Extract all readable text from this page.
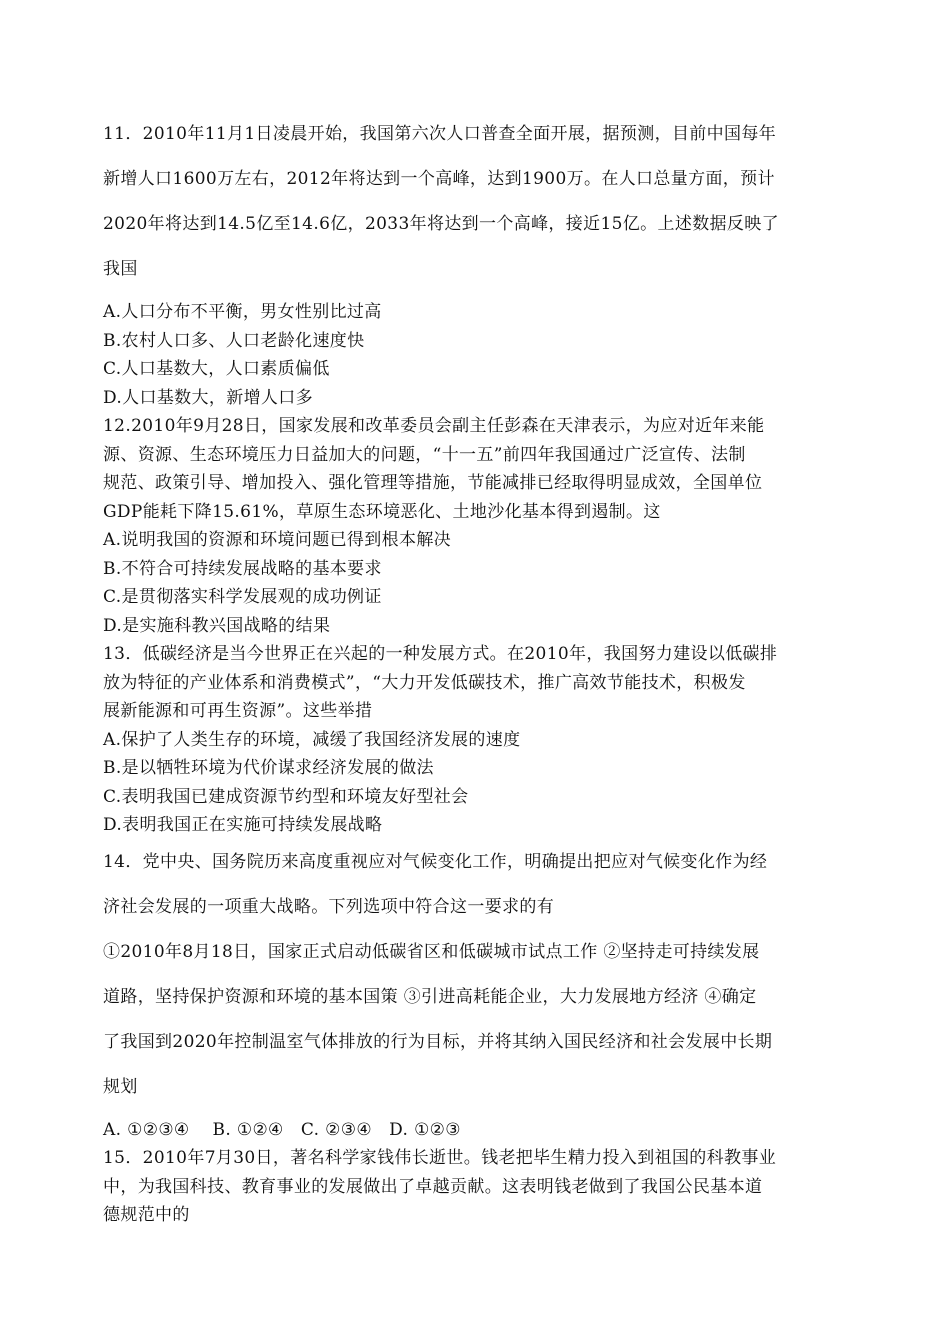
11．2010年11月1日凌晨开始，我国第六次人口普查全面开展，据预测，目前中国每年
新增人口1600万左右，2012年将达到一个高峰，达到1900万。在人口总量方面，预计
2020年将达到14.5亿至14.6亿，2033年将达到一个高峰，接近15亿。上述数据反映了
我国
A.人口分布不平衡，男女性别比过高
B.农村人口多、人口老龄化速度快
C.人口基数大，人口素质偏低
D.人口基数大，新增人口多
12.2010年9月28日，国家发展和改革委员会副主任彭森在天津表示，为应对近年来能
源、资源、生态环境压力日益加大的问题，“十一五”前四年我国通过广泛宣传、法制
规范、政策引导、增加投入、强化管理等措施，节能减排已经取得明显成效，全国单位
GDP能耗下降15.61%，草原生态环境恶化、土地沙化基本得到遏制。这
A.说明我国的资源和环境问题已得到根本解决
B.不符合可持续发展战略的基本要求
C.是贯彻落实科学发展观的成功例证
D.是实施科教兴国战略的结果
13．低碳经济是当今世界正在兴起的一种发展方式。在2010年，我国努力建设以低碳排
放为特征的产业体系和消费模式”，“大力开发低碳技术，推广高效节能技术，积极发
展新能源和可再生资源”。这些举措
A.保护了人类生存的环境，减缓了我国经济发展的速度
B.是以牺牲环境为代价谋求经济发展的做法
C.表明我国已建成资源节约型和环境友好型社会
D.表明我国正在实施可持续发展战略
14．党中央、国务院历来高度重视应对气候变化工作，明确提出把应对气候变化作为经
济社会发展的一项重大战略。下列选项中符合这一要求的有
①2010年8月18日，国家正式启动低碳省区和低碳城市试点工作 ②坚持走可持续发展
道路，坚持保护资源和环境的基本国策 ③引进高耗能企业，大力发展地方经济 ④确定
了我国到2020年控制温室气体排放的行为目标，并将其纳入国民经济和社会发展中长期
规划
A. ①②③④    B. ①②④   C. ②③④   D. ①②③
15．2010年7月30日，著名科学家钱伟长逝世。钱老把毕生精力投入到祖国的科教事业
中，为我国科技、教育事业的发展做出了卓越贡献。这表明钱老做到了我国公民基本道
德规范中的
